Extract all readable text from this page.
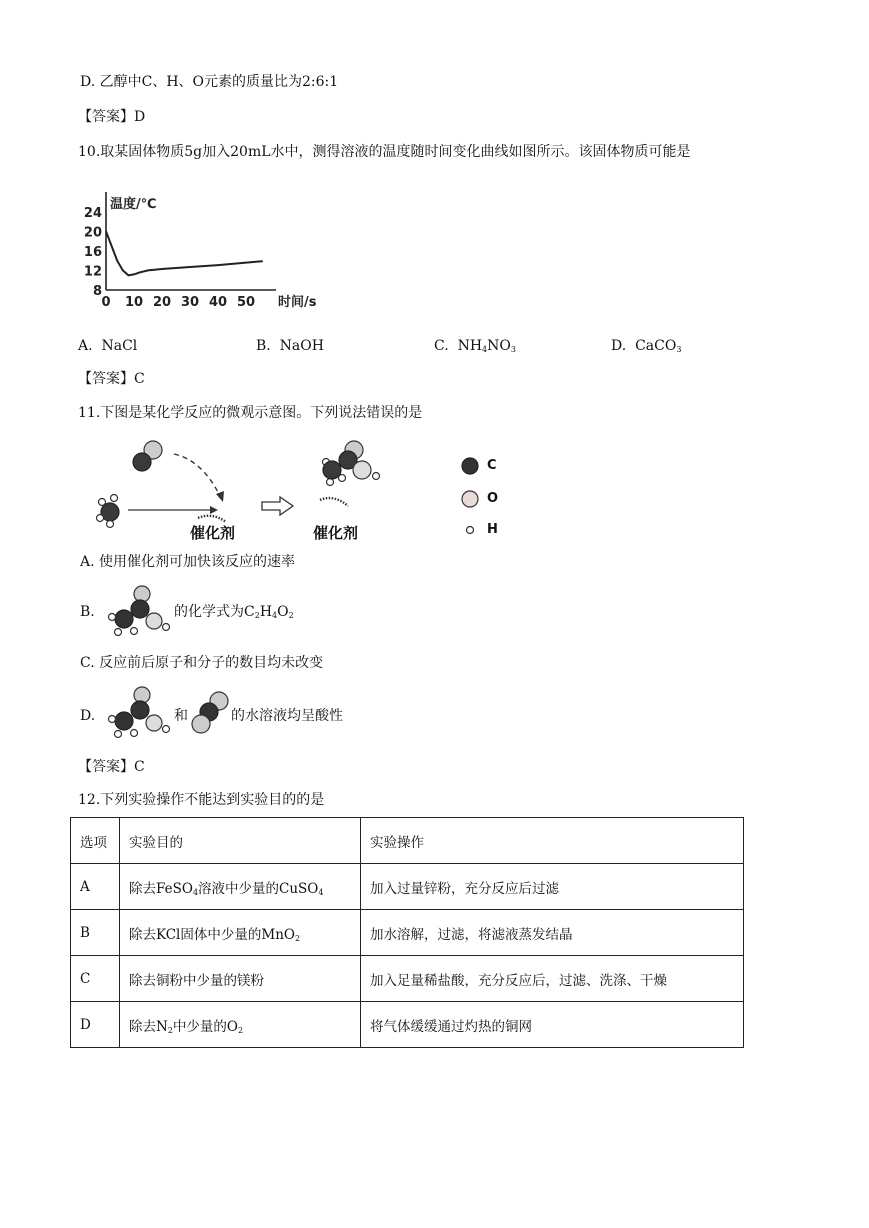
D. 乙醇中C、H、O元素的质量比为2:6:1
【答案】D
10.取某固体物质5g加入20mL水中，测得溶液的温度随时间变化曲线如图所示。该固体物质可能是
8
12
16
20
24
0 10 20 30 40 50
温度/℃
时间/s
A. NaCl	B. NaOH	C. $NH_4NO_3$	D. CaCO$_3$
【答案】C
11.下图是某化学反应的微观示意图。下列说法错误的是
催化剂	催化剂
C
O
H
A. 使用催化剂可加快该反应的速率
B.	的化学式为$C_2H_4O_2$
C. 反应前后原子和分子的数目均未改变
D.	和	的水溶液均呈酸性
【答案】C
12.下列实验操作不能达到实验目的的是
选项	实验目的	实验操作
A	除去FeSO$_4$溶液中少量的CuSO$_4$	加入过量锌粉，充分反应后过滤
B	除去KCl固体中少量的MnO$_2$	加水溶解，过滤，将滤液蒸发结晶
C	除去铜粉中少量的镁粉	加入足量稀盐酸，充分反应后，过滤、洗涤、干燥
D	除去$N_2$中少量的$O_2$	将气体缓缓通过灼热的铜网
